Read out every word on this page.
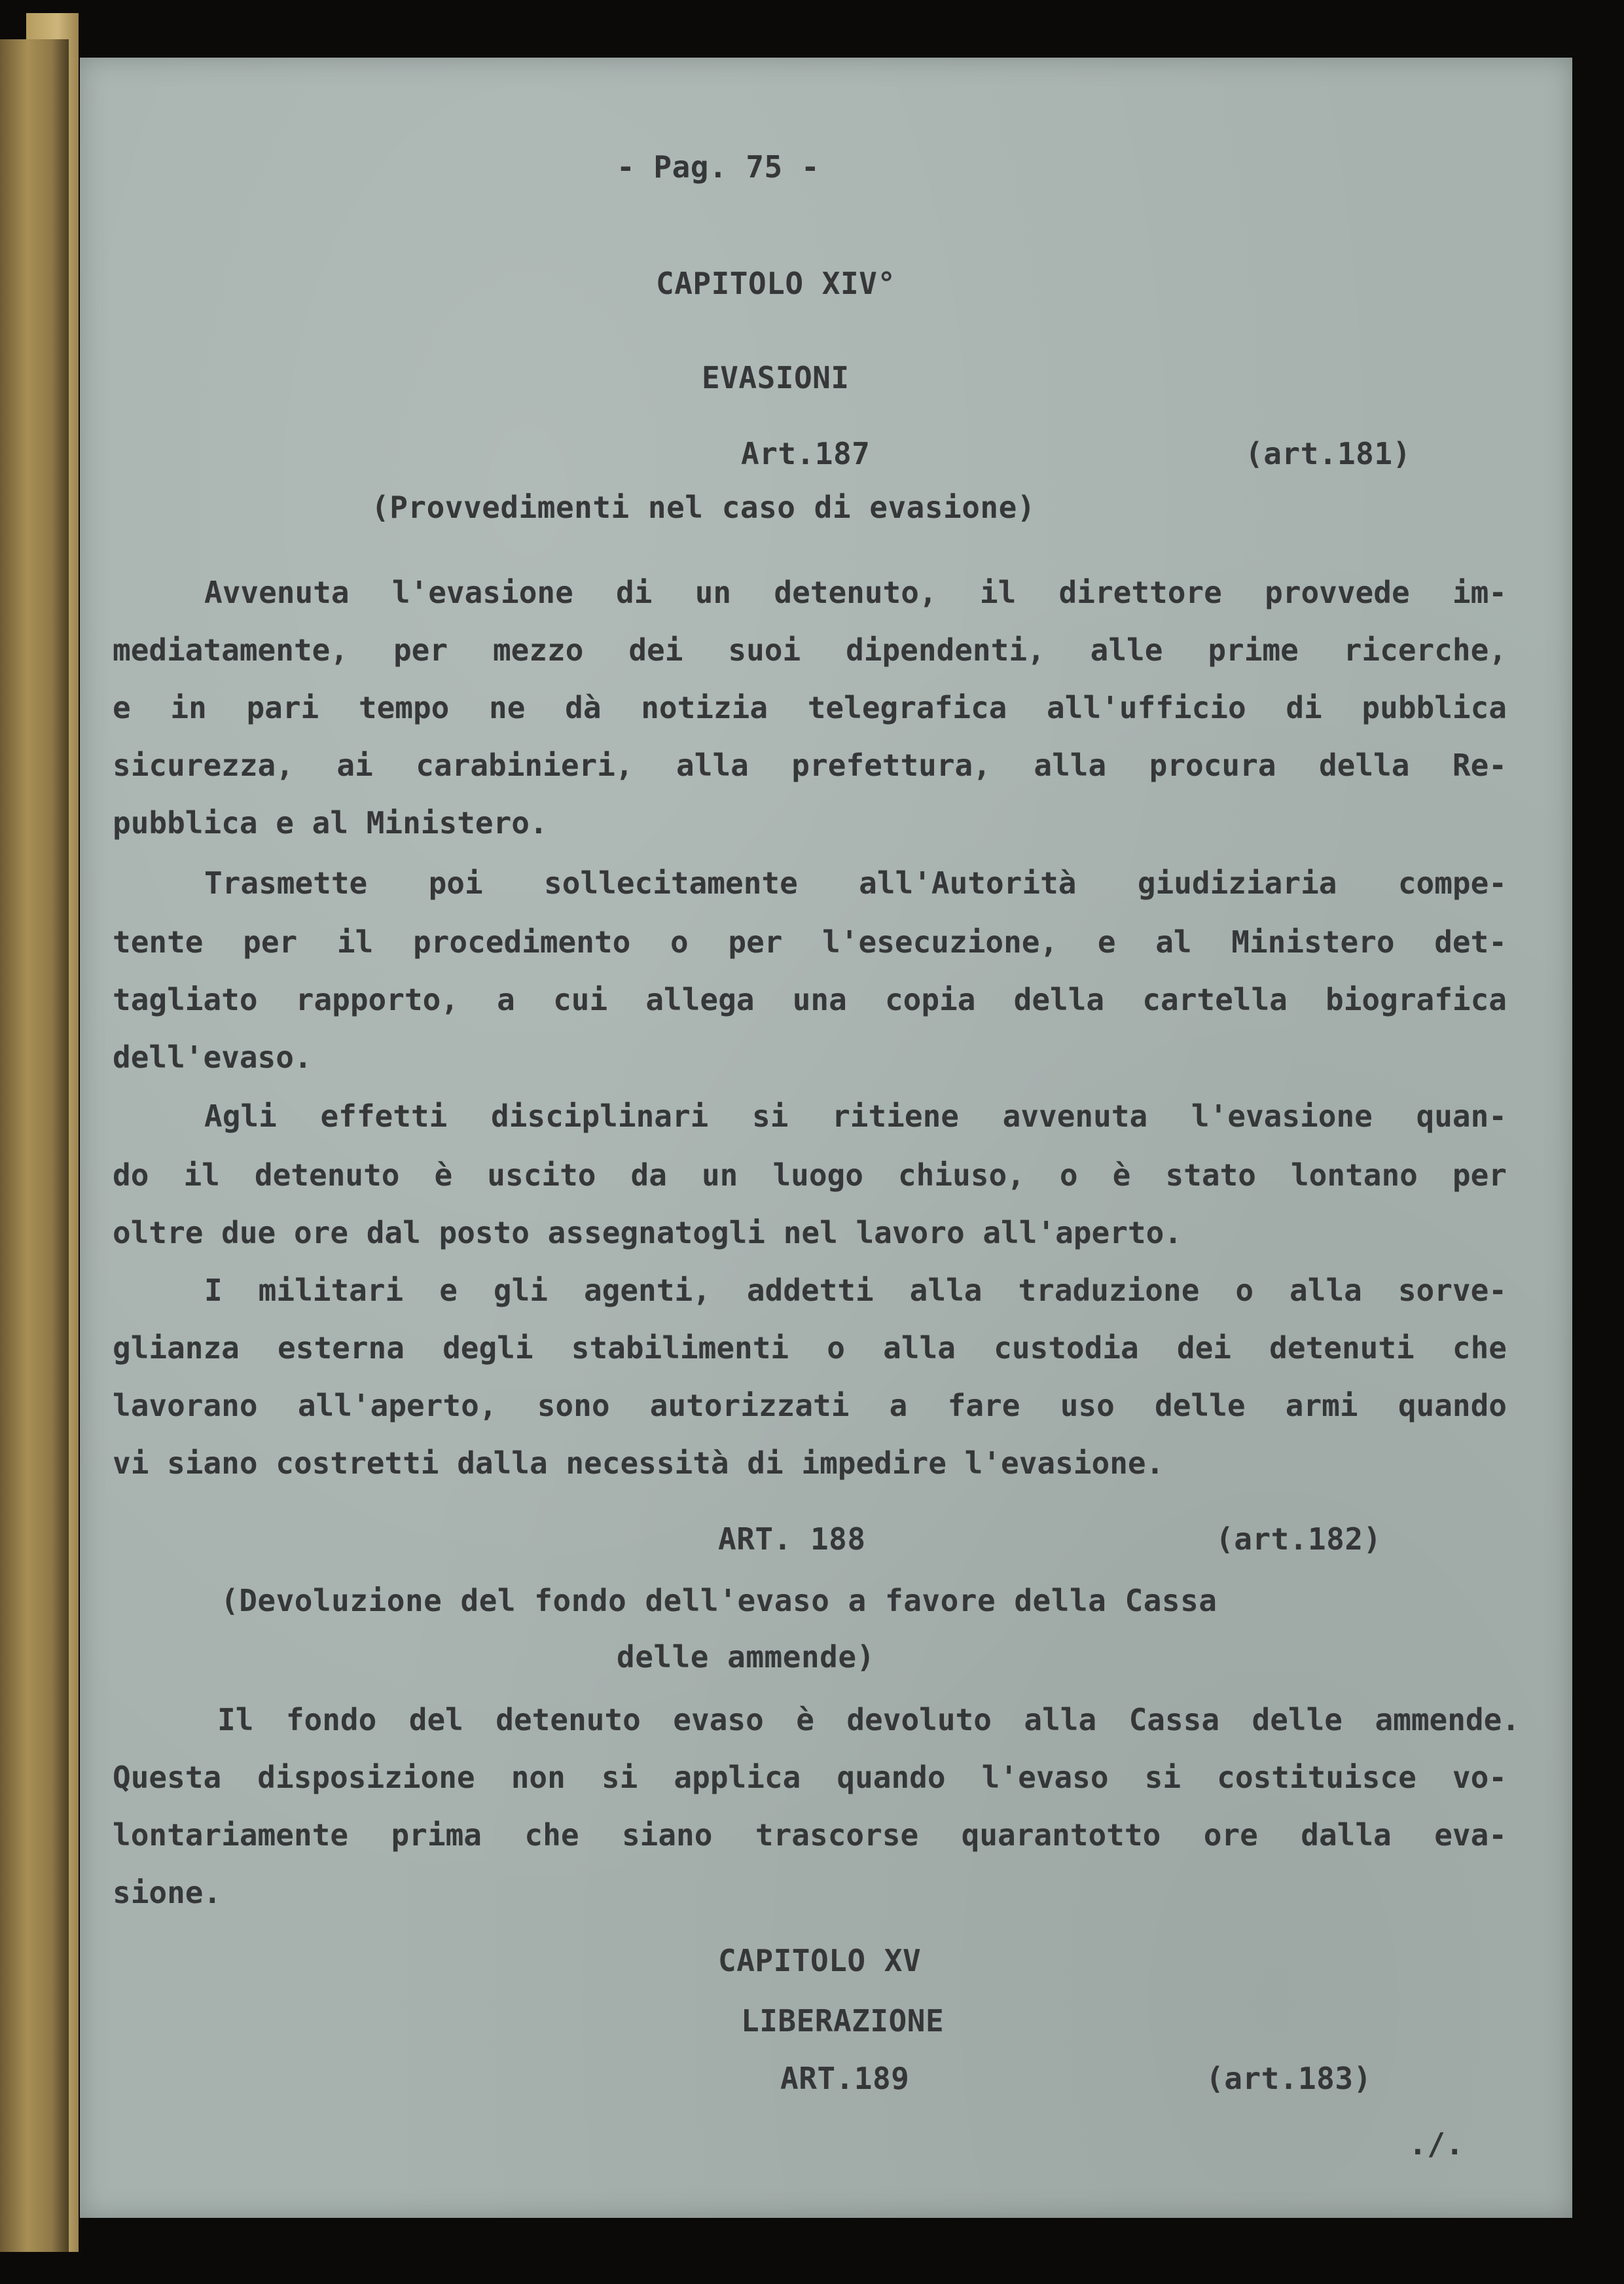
- Pag. 75 -
CAPITOLO XIV°
EVASIONI
Art.187	(art.181)
(Provvedimenti nel caso di evasione)
Avvenuta l'evasione di un detenuto, il direttore provvede im-
mediatamente, per mezzo dei suoi dipendenti, alle prime ricerche,
e in pari tempo ne dà notizia telegrafica all'ufficio di pubblica
sicurezza, ai carabinieri, alla prefettura, alla procura della Re-
pubblica e al Ministero.
Trasmette poi sollecitamente all'Autorità giudiziaria compe-
tente per il procedimento o per l'esecuzione, e al Ministero det-
tagliato rapporto, a cui allega una copia della cartella biografica
dell'evaso.
Agli effetti disciplinari si ritiene avvenuta l'evasione quan-
do il detenuto è uscito da un luogo chiuso, o è stato lontano per
oltre due ore dal posto assegnatogli nel lavoro all'aperto.
I militari e gli agenti, addetti alla traduzione o alla sorve-
glianza esterna degli stabilimenti o alla custodia dei detenuti che
lavorano all'aperto, sono autorizzati a fare uso delle armi quando
vi siano costretti dalla necessità di impedire l'evasione.
ART. 188	(art.182)
(Devoluzione del fondo dell'evaso a favore della Cassa
delle ammende)
Il fondo del detenuto evaso è devoluto alla Cassa delle ammende.
Questa disposizione non si applica quando l'evaso si costituisce vo-
lontariamente prima che siano trascorse quarantotto ore dalla eva-
sione.
CAPITOLO XV
LIBERAZIONE
ART.189	(art.183)
./.
